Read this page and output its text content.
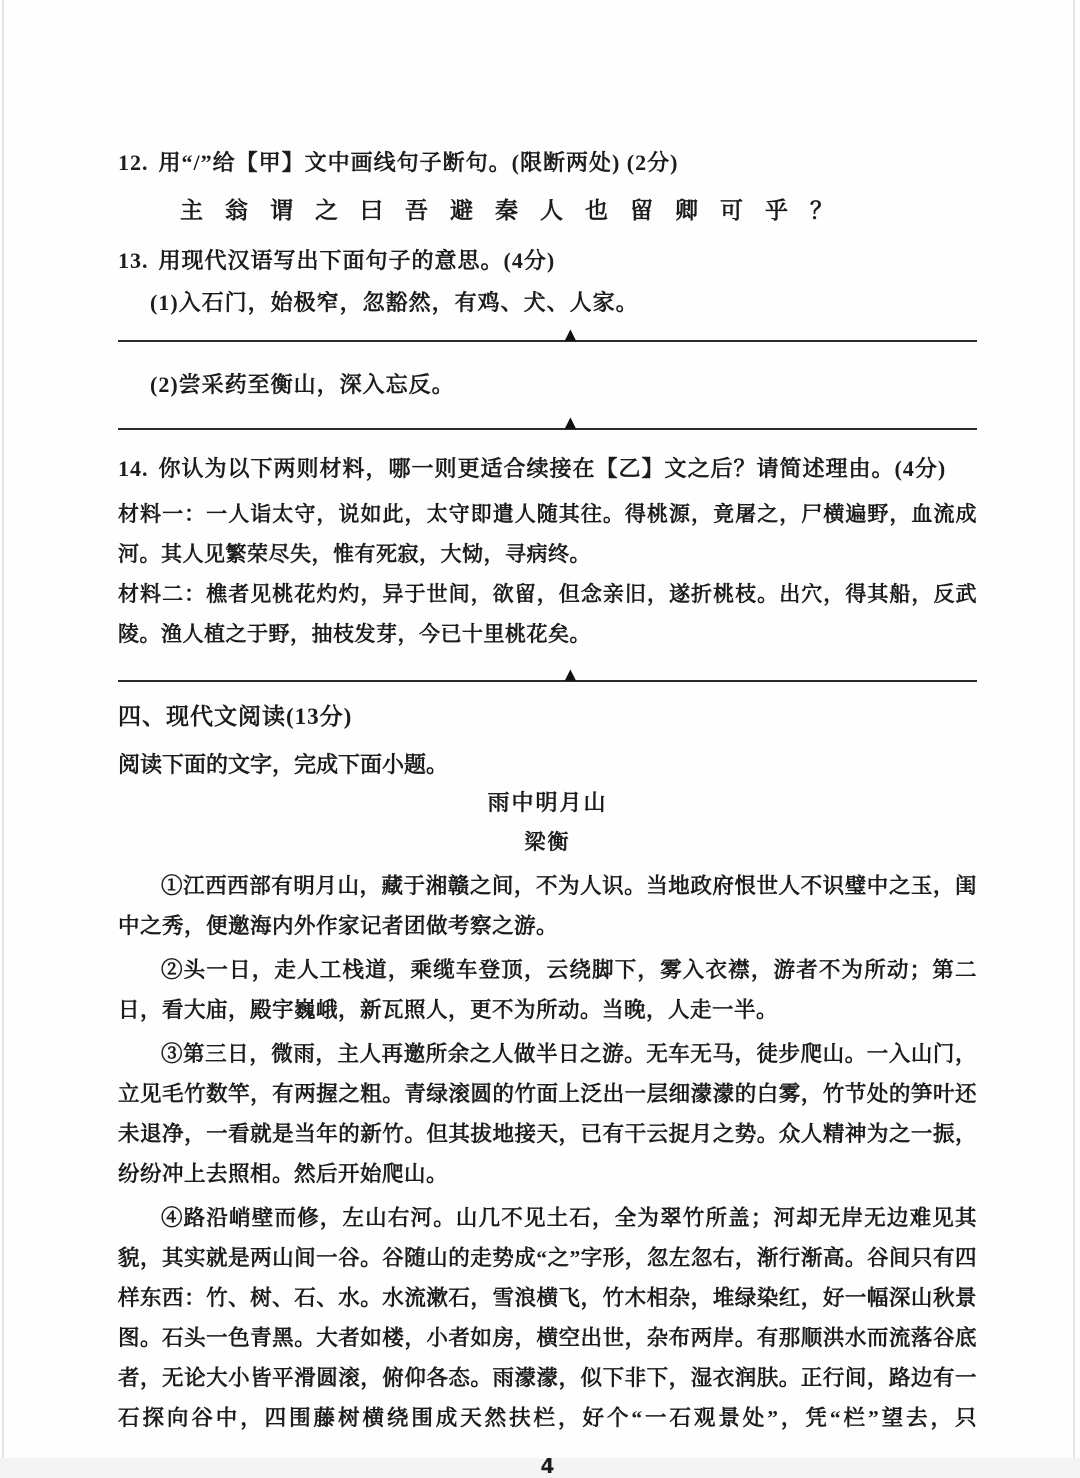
12. 用“/”给【甲】文中画线句子断句。(限断两处) (2分)

主翁谓之曰吾避秦人也留卿可乎？

13. 用现代汉语写出下面句子的意思。(4分)

(1)入石门，始极窄，忽豁然，有鸡、犬、人家。

▲

(2)尝采药至衡山，深入忘反。

▲

14. 你认为以下两则材料，哪一则更适合续接在【乙】文之后？请简述理由。(4分)

材料一：一人诣太守，说如此，太守即遣人随其往。得桃源，竟屠之，尸横遍野，血流成河。其人见繁荣尽失，惟有死寂，大恸，寻病终。

材料二：樵者见桃花灼灼，异于世间，欲留，但念亲旧，遂折桃枝。出穴，得其船，反武陵。渔人植之于野，抽枝发芽，今已十里桃花矣。

▲

四、现代文阅读(13分)

阅读下面的文字，完成下面小题。

雨中明月山

梁衡

①江西西部有明月山，藏于湘赣之间，不为人识。当地政府恨世人不识璧中之玉，闺中之秀，便邀海内外作家记者团做考察之游。

②头一日，走人工栈道，乘缆车登顶，云绕脚下，雾入衣襟，游者不为所动；第二日，看大庙，殿宇巍峨，新瓦照人，更不为所动。当晚，人走一半。

③第三日，微雨，主人再邀所余之人做半日之游。无车无马，徒步爬山。一入山门，立见毛竹数竿，有两握之粗。青绿滚圆的竹面上泛出一层细濛濛的白雾，竹节处的笋叶还未退净，一看就是当年的新竹。但其拔地接天，已有干云捉月之势。众人精神为之一振，纷纷冲上去照相。然后开始爬山。

④路沿峭壁而修，左山右河。山几不见土石，全为翠竹所盖；河却无岸无边难见其貌，其实就是两山间一谷。谷随山的走势成“之”字形，忽左忽右，渐行渐高。谷间只有四样东西：竹、树、石、水。水流漱石，雪浪横飞，竹木相杂，堆绿染红，好一幅深山秋景图。石头一色青黑。大者如楼，小者如房，横空出世，杂布两岸。有那顺洪水而流落谷底者，无论大小皆平滑圆滚，俯仰各态。雨濛濛，似下非下，湿衣润肤。正行间，路边有一石探向谷中，四围藤树横绕围成天然扶栏，好个“一石观景处”，凭“栏”望去，只

4
